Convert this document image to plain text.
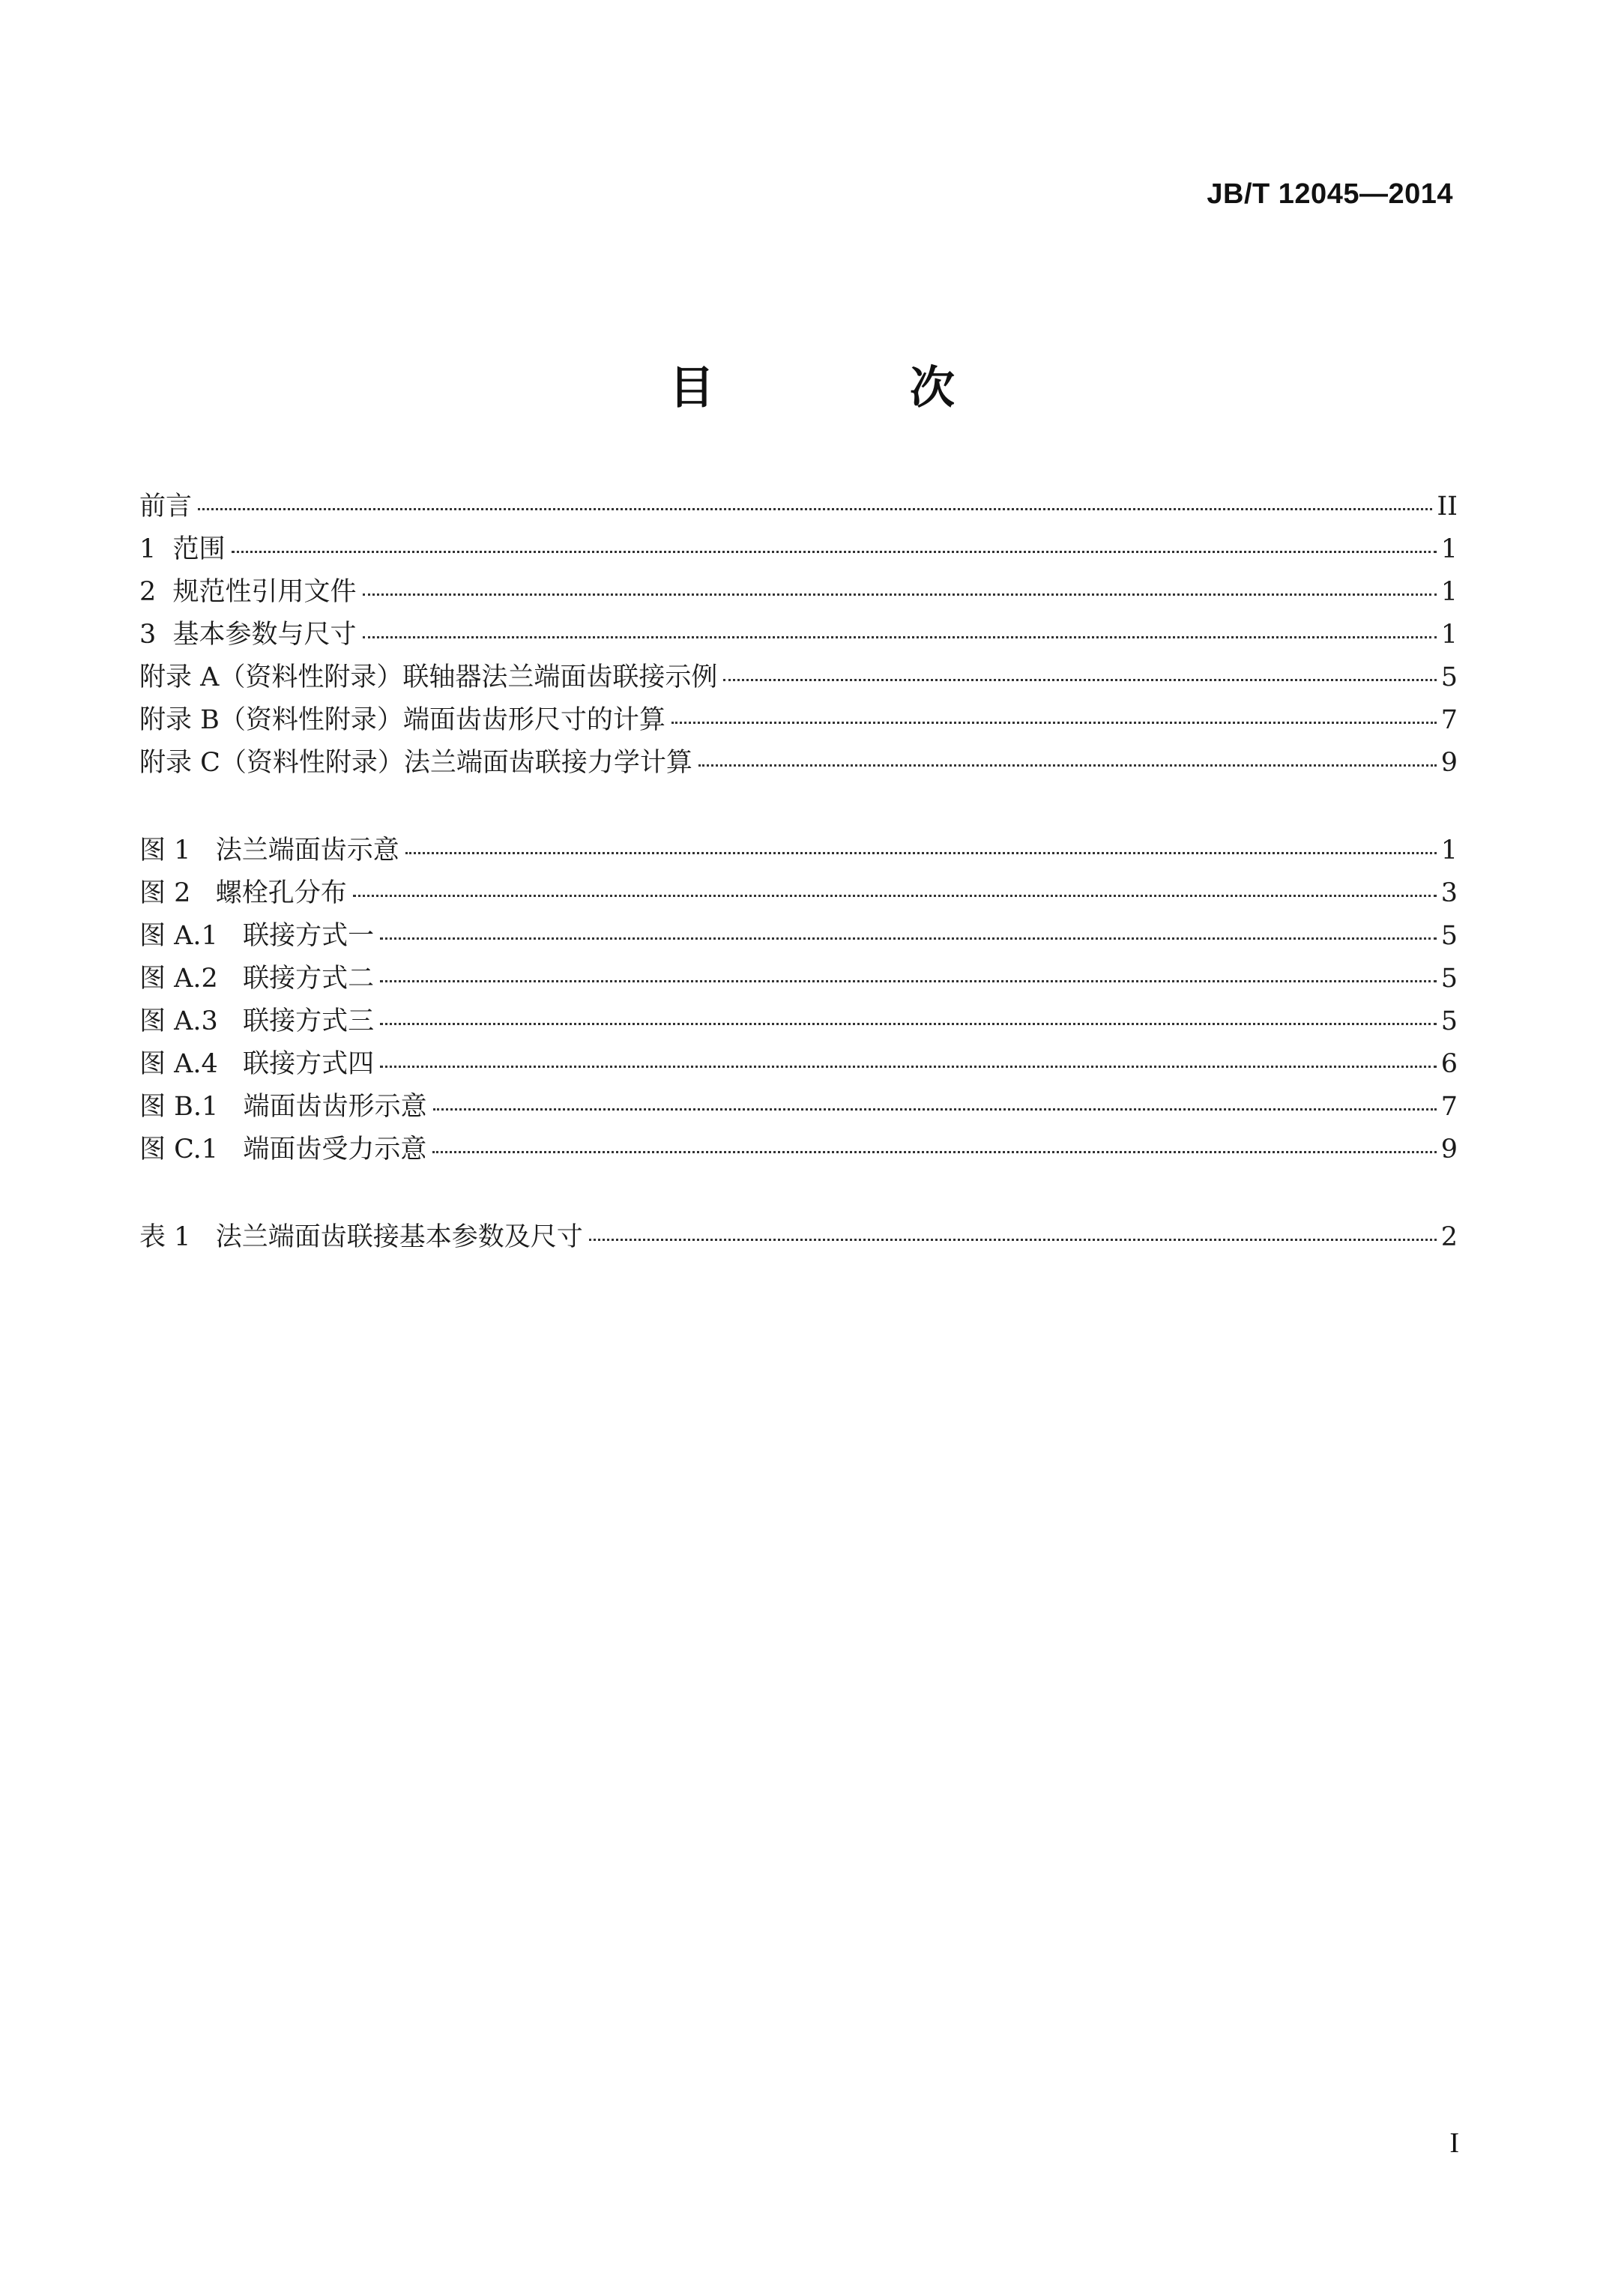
JB/T 12045—2014
目 次
前言	II
1  范围	1
2  规范性引用文件	1
3  基本参数与尺寸	1
附录 A（资料性附录）联轴器法兰端面齿联接示例	5
附录 B（资料性附录）端面齿齿形尺寸的计算	7
附录 C（资料性附录）法兰端面齿联接力学计算	9
图 1   法兰端面齿示意	1
图 2   螺栓孔分布	3
图 A.1   联接方式一	5
图 A.2   联接方式二	5
图 A.3   联接方式三	5
图 A.4   联接方式四	6
图 B.1   端面齿齿形示意	7
图 C.1   端面齿受力示意	9
表 1   法兰端面齿联接基本参数及尺寸	2
I
